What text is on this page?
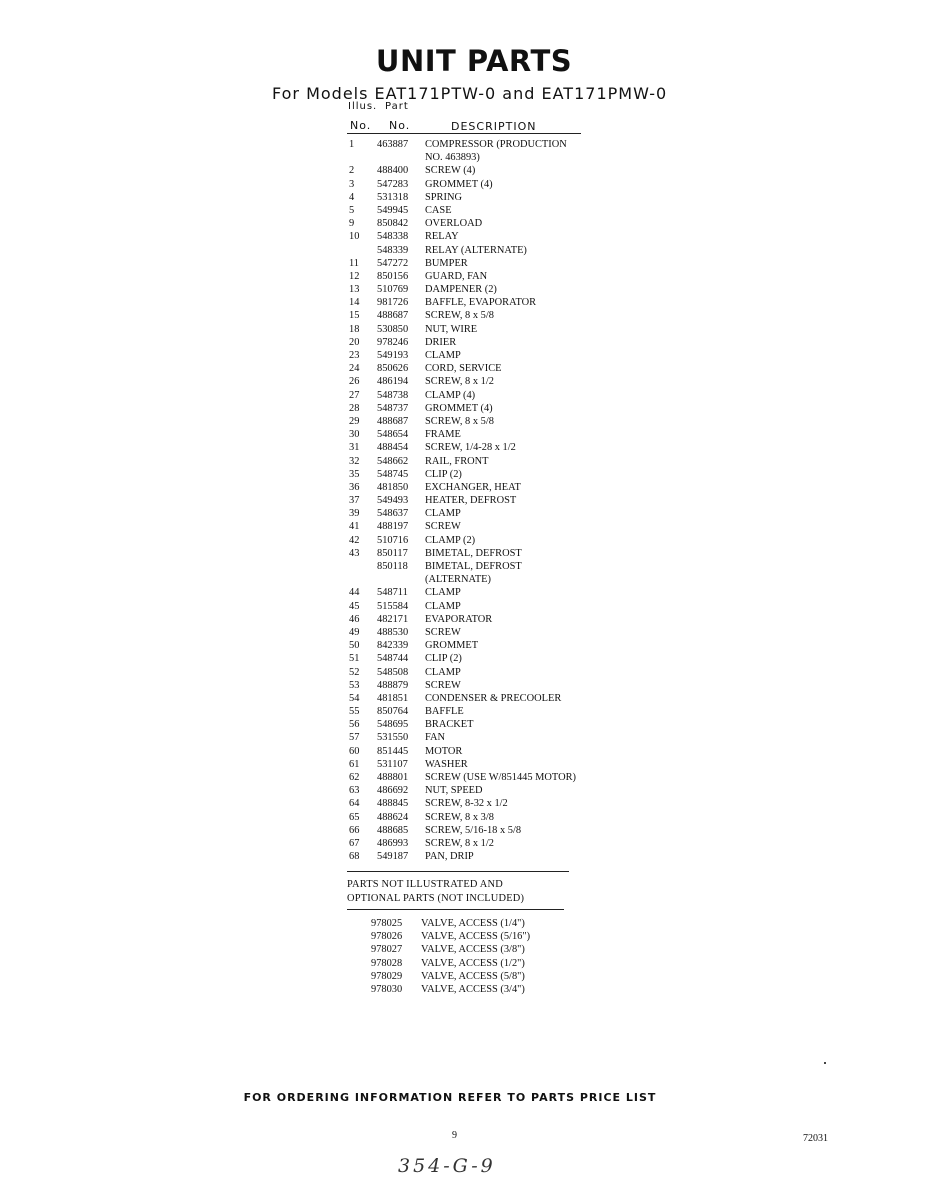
UNIT PARTS
For Models EAT171PTW-0 and EAT171PMW-0
Illus. Part
No. No.	DESCRIPTION
1	463887	COMPRESSOR (PRODUCTION
NO. 463893)
2	488400	SCREW (4)
3	547283	GROMMET (4)
4	531318	SPRING
5	549945	CASE
9	850842	OVERLOAD
10	548338	RELAY
548339	RELAY (ALTERNATE)
11	547272	BUMPER
12	850156	GUARD, FAN
13	510769	DAMPENER (2)
14	981726	BAFFLE, EVAPORATOR
15	488687	SCREW, 8 x 5/8
18	530850	NUT, WIRE
20	978246	DRIER
23	549193	CLAMP
24	850626	CORD, SERVICE
26	486194	SCREW, 8 x 1/2
27	548738	CLAMP (4)
28	548737	GROMMET (4)
29	488687	SCREW, 8 x 5/8
30	548654	FRAME
31	488454	SCREW, 1/4-28 x 1/2
32	548662	RAIL, FRONT
35	548745	CLIP (2)
36	481850	EXCHANGER, HEAT
37	549493	HEATER, DEFROST
39	548637	CLAMP
41	488197	SCREW
42	510716	CLAMP (2)
43	850117	BIMETAL, DEFROST
850118	BIMETAL, DEFROST
(ALTERNATE)
44	548711	CLAMP
45	515584	CLAMP
46	482171	EVAPORATOR
49	488530	SCREW
50	842339	GROMMET
51	548744	CLIP (2)
52	548508	CLAMP
53	488879	SCREW
54	481851	CONDENSER & PRECOOLER
55	850764	BAFFLE
56	548695	BRACKET
57	531550	FAN
60	851445	MOTOR
61	531107	WASHER
62	488801	SCREW (USE W/851445 MOTOR)
63	486692	NUT, SPEED
64	488845	SCREW, 8-32 x 1/2
65	488624	SCREW, 8 x 3/8
66	488685	SCREW, 5/16-18 x 5/8
67	486993	SCREW, 8 x 1/2
68	549187	PAN, DRIP
PARTS NOT ILLUSTRATED AND
OPTIONAL PARTS (NOT INCLUDED)
978025	VALVE, ACCESS (1/4")
978026	VALVE, ACCESS (5/16")
978027	VALVE, ACCESS (3/8")
978028	VALVE, ACCESS (1/2")
978029	VALVE, ACCESS (5/8")
978030	VALVE, ACCESS (3/4")
FOR ORDERING INFORMATION REFER TO PARTS PRICE LIST
9	72031
354-G-9
